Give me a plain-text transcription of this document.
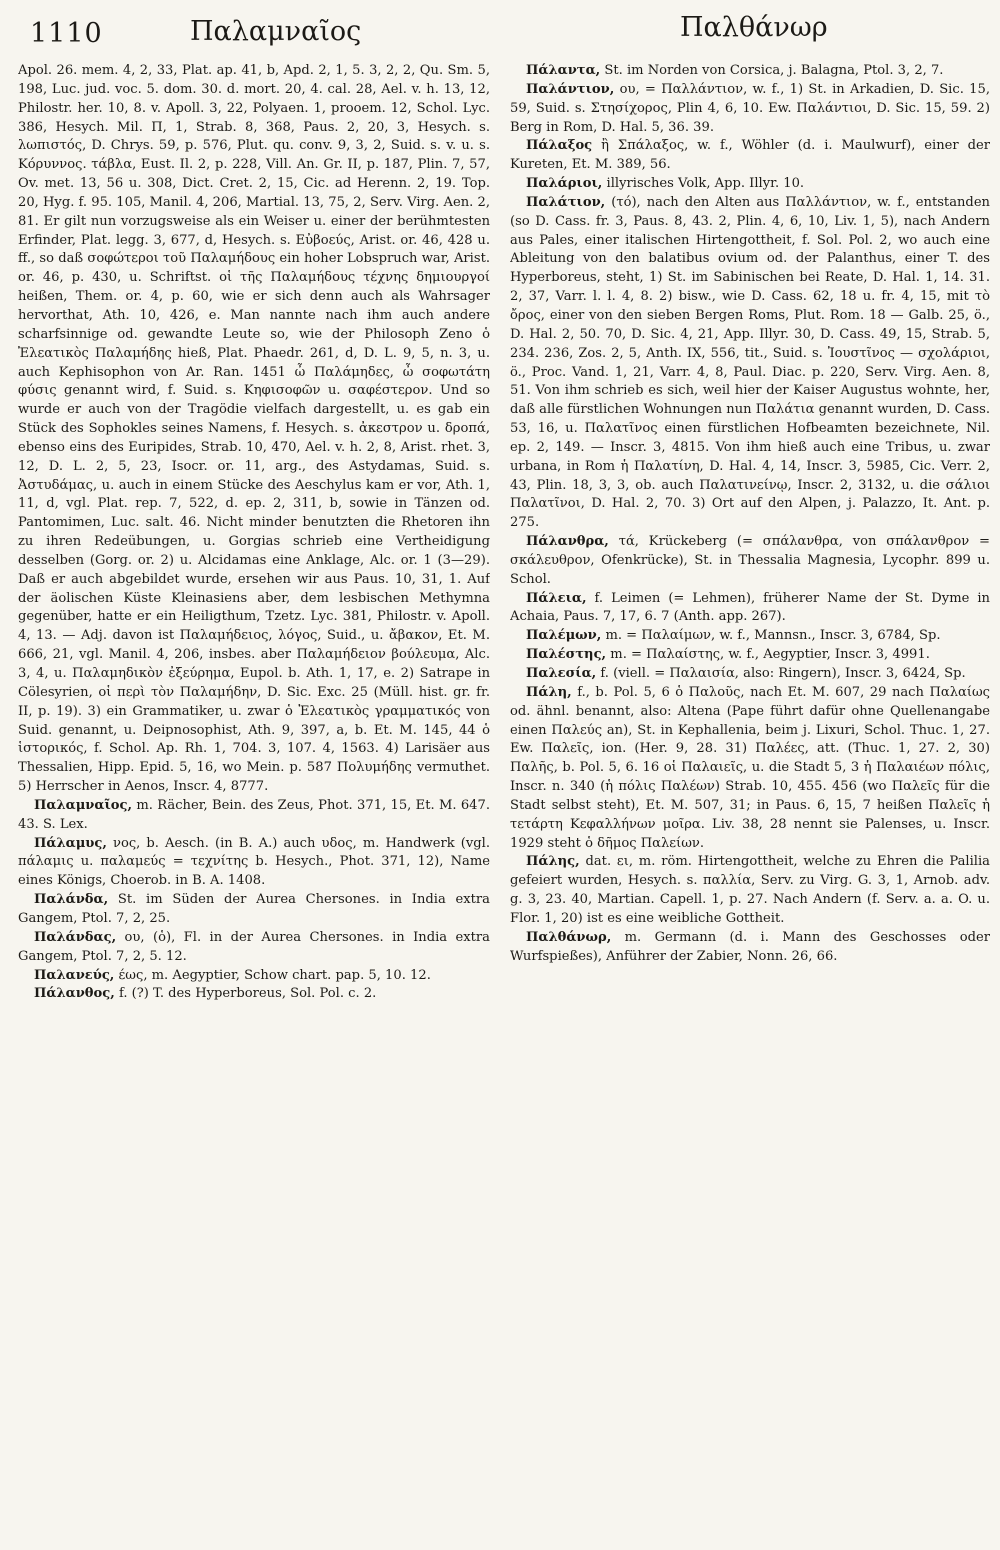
1110	Παλαμναῖος	Παλθάνωρ

Apol. 26. mem. 4, 2, 33, Plat. ap. 41, b, Apd. 2, 1, 5. 3, 2, 2, Qu. Sm. 5, 198, Luc. jud. voc. 5. dom. 30. d. mort. 20, 4. cal. 28, Ael. v. h. 13, 12, Philostr. her. 10, 8. v. Apoll. 3, 22, Polyaen. 1, prooem. 12, Schol. Lyc. 386, Hesych. Mil. Π, 1, Strab. 8, 368, Paus. 2, 20, 3, Hesych. s. λωπιστός, D. Chrys. 59, p. 576, Plut. qu. conv. 9, 3, 2, Suid. s. v. u. s. Κόρυννος. τάβλα, Eust. Il. 2, p. 228, Vill. An. Gr. II, p. 187, Plin. 7, 57, Ov. met. 13, 56 u. 308, Dict. Cret. 2, 15, Cic. ad Herenn. 2, 19. Top. 20, Hyg. f. 95. 105, Manil. 4, 206, Martial. 13, 75, 2, Serv. Virg. Aen. 2, 81. Er gilt nun vorzugsweise als ein Weiser u. einer der berühmtesten Erfinder, Plat. legg. 3, 677, d, Hesych. s. Εὐβοεύς, Arist. or. 46, 428 u. ff., so daß σοφώτεροι τοῦ Παλαμήδους ein hoher Lobspruch war, Arist. or. 46, p. 430, u. Schriftst. οἱ τῆς Παλαμήδους τέχνης δημιουργοί heißen, Them. or. 4, p. 60, wie er sich denn auch als Wahrsager hervorthat, Ath. 10, 426, e. Man nannte nach ihm auch andere scharfsinnige od. gewandte Leute so, wie der Philosoph Zeno ὁ Ἐλεατικὸς Παλαμήδης hieß, Plat. Phaedr. 261, d, D. L. 9, 5, n. 3, u. auch Kephisophon von Ar. Ran. 1451 ὦ Παλάμηδες, ὦ σοφωτάτη φύσις genannt wird, f. Suid. s. Κηφισοφῶν u. σαφέστερον. Und so wurde er auch von der Tragödie vielfach dargestellt, u. es gab ein Stück des Sophokles seines Namens, f. Hesych. s. ἀκεστρον u. δροπά, ebenso eins des Euripides, Strab. 10, 470, Ael. v. h. 2, 8, Arist. rhet. 3, 12, D. L. 2, 5, 23, Isocr. or. 11, arg., des Astydamas, Suid. s. Ἀστυδάμας, u. auch in einem Stücke des Aeschylus kam er vor, Ath. 1, 11, d, vgl. Plat. rep. 7, 522, d. ep. 2, 311, b, sowie in Tänzen od. Pantomimen, Luc. salt. 46. Nicht minder benutzten die Rhetoren ihn zu ihren Redeübungen, u. Gorgias schrieb eine Vertheidigung desselben (Gorg. or. 2) u. Alcidamas eine Anklage, Alc. or. 1 (3—29). Daß er auch abgebildet wurde, ersehen wir aus Paus. 10, 31, 1. Auf der äolischen Küste Kleinasiens aber, dem lesbischen Methymna gegenüber, hatte er ein Heiligthum, Tzetz. Lyc. 381, Philostr. v. Apoll. 4, 13. — Adj. davon ist Παλαμήδειος, λόγος, Suid., u. ἄβακον, Et. M. 666, 21, vgl. Manil. 4, 206, insbes. aber Παλαμήδειον βούλευμα, Alc. 3, 4, u. Παλαμηδικὸν ἐξεύρημα, Eupol. b. Ath. 1, 17, e. 2) Satrape in Cölesyrien, οἱ περὶ τὸν Παλαμήδην, D. Sic. Exc. 25 (Müll. hist. gr. fr. II, p. 19). 3) ein Grammatiker, u. zwar ὁ Ἐλεατικὸς γραμματικός von Suid. genannt, u. Deipnosophist, Ath. 9, 397, a, b. Et. M. 145, 44 ὁ ἱστορικός, f. Schol. Ap. Rh. 1, 704. 3, 107. 4, 1563. 4) Larisäer aus Thessalien, Hipp. Epid. 5, 16, wo Mein. p. 587 Πολυμήδης vermuthet. 5) Herrscher in Aenos, Inscr. 4, 8777.

Παλαμναῖος, m. Rächer, Bein. des Zeus, Phot. 371, 15, Et. M. 647. 43. S. Lex.

Πάλαμυς, νος, b. Aesch. (in B. A.) auch υδος, m. Handwerk (vgl. πάλαμις u. παλαμεύς = τεχνίτης b. Hesych., Phot. 371, 12), Name eines Königs, Choerob. in B. A. 1408.

Παλάνδα, St. im Süden der Aurea Chersones. in India extra Gangem, Ptol. 7, 2, 25.

Παλάνδας, ου, (ὁ), Fl. in der Aurea Chersones. in India extra Gangem, Ptol. 7, 2, 5. 12.

Παλανεύς, έως, m. Aegyptier, Schow chart. pap. 5, 10. 12.

Πάλανθος, f. (?) T. des Hyperboreus, Sol. Pol. c. 2.

Πάλαντα, St. im Norden von Corsica, j. Balagna, Ptol. 3, 2, 7.

Παλάντιον, ου, = Παλλάντιον, w. f., 1) St. in Arkadien, D. Sic. 15, 59, Suid. s. Στησίχορος, Plin 4, 6, 10. Ew. Παλάντιοι, D. Sic. 15, 59. 2) Berg in Rom, D. Hal. 5, 36. 39.

Πάλαξος ἢ Σπάλαξος, w. f., Wöhler (d. i. Maulwurf), einer der Kureten, Et. M. 389, 56.

Παλάριοι, illyrisches Volk, App. Illyr. 10.

Παλάτιον, (τό), nach den Alten aus Παλλάντιον, w. f., entstanden (so D. Cass. fr. 3, Paus. 8, 43. 2, Plin. 4, 6, 10, Liv. 1, 5), nach Andern aus Pales, einer italischen Hirtengottheit, f. Sol. Pol. 2, wo auch eine Ableitung von den balatibus ovium od. der Palanthus, einer T. des Hyperboreus, steht, 1) St. im Sabinischen bei Reate, D. Hal. 1, 14. 31. 2, 37, Varr. l. l. 4, 8. 2) bisw., wie D. Cass. 62, 18 u. fr. 4, 15, mit τὸ ὄρος, einer von den sieben Bergen Roms, Plut. Rom. 18 — Galb. 25, ö., D. Hal. 2, 50. 70, D. Sic. 4, 21, App. Illyr. 30, D. Cass. 49, 15, Strab. 5, 234. 236, Zos. 2, 5, Anth. IX, 556, tit., Suid. s. Ἰουστῖνος — σχολάριοι, ö., Proc. Vand. 1, 21, Varr. 4, 8, Paul. Diac. p. 220, Serv. Virg. Aen. 8, 51. Von ihm schrieb es sich, weil hier der Kaiser Augustus wohnte, her, daß alle fürstlichen Wohnungen nun Παλάτια genannt wurden, D. Cass. 53, 16, u. Παλατῖνος einen fürstlichen Hofbeamten bezeichnete, Nil. ep. 2, 149. — Inscr. 3, 4815. Von ihm hieß auch eine Tribus, u. zwar urbana, in Rom ἡ Παλατίνη, D. Hal. 4, 14, Inscr. 3, 5985, Cic. Verr. 2, 43, Plin. 18, 3, 3, ob. auch Παλατινείνῳ, Inscr. 2, 3132, u. die σάλιοι Παλατῖνοι, D. Hal. 2, 70. 3) Ort auf den Alpen, j. Palazzo, It. Ant. p. 275.

Πάλανθρα, τά, Krückeberg (= σπάλανθρα, von σπάλανθρον = σκάλευθρον, Ofenkrücke), St. in Thessalia Magnesia, Lycophr. 899 u. Schol.

Πάλεια, f. Leimen (= Lehmen), früherer Name der St. Dyme in Achaia, Paus. 7, 17, 6. 7 (Anth. app. 267).

Παλέμων, m. = Παλαίμων, w. f., Mannsn., Inscr. 3, 6784, Sp.

Παλέστης, m. = Παλαίστης, w. f., Aegyptier, Inscr. 3, 4991.

Παλεσία, f. (viell. = Παλαισία, also: Ringern), Inscr. 3, 6424, Sp.

Πάλη, f., b. Pol. 5, 6 ὁ Παλοῦς, nach Et. M. 607, 29 nach Παλαίως od. ähnl. benannt, also: Altena (Pape führt dafür ohne Quellenangabe einen Παλεύς an), St. in Kephallenia, beim j. Lixuri, Schol. Thuc. 1, 27. Ew. Παλεῖς, ion. (Her. 9, 28. 31) Παλέες, att. (Thuc. 1, 27. 2, 30) Παλῆς, b. Pol. 5, 6. 16 οἱ Παλαιεῖς, u. die Stadt 5, 3 ἡ Παλαιέων πόλις, Inscr. n. 340 (ἡ πόλις Παλέων) Strab. 10, 455. 456 (wo Παλεῖς für die Stadt selbst steht), Et. M. 507, 31; in Paus. 6, 15, 7 heißen Παλεῖς ἡ τετάρτη Κεφαλλήνων μοῖρα. Liv. 38, 28 nennt sie Palenses, u. Inscr. 1929 steht ὁ δῆμος Παλείων.

Πάλης, dat. ει, m. röm. Hirtengottheit, welche zu Ehren die Palilia gefeiert wurden, Hesych. s. παλλία, Serv. zu Virg. G. 3, 1, Arnob. adv. g. 3, 23. 40, Martian. Capell. 1, p. 27. Nach Andern (f. Serv. a. a. O. u. Flor. 1, 20) ist es eine weibliche Gottheit.

Παλθάνωρ, m. Germann (d. i. Mann des Geschosses oder Wurfspießes), Anführer der Zabier, Nonn. 26, 66.
